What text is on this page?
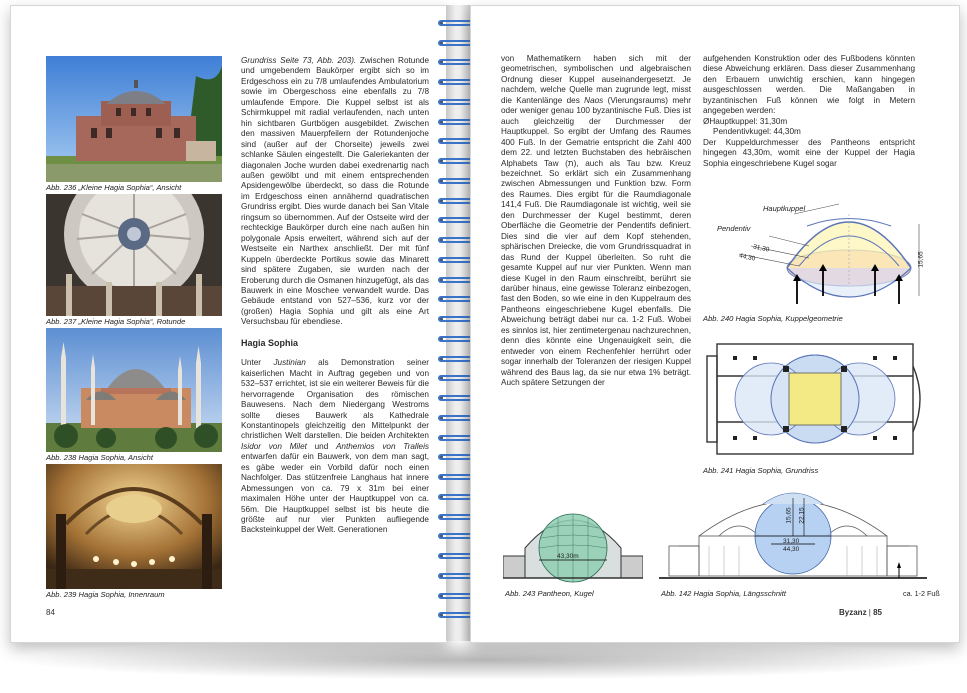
Abb. 236 „Kleine Hagia Sophia“, Ansicht
Abb. 237 „Kleine Hagia Sophia“, Rotunde
Abb. 238 Hagia Sophia, Ansicht
Abb. 239 Hagia Sophia, Innenraum

Grundriss Seite 73, Abb. 203). Zwischen Rotunde und umgebendem Baukörper ergibt sich so im Erdgeschoss ein zu 7/8 umlaufendes Ambulatorium sowie im Obergeschoss eine ebenfalls zu 7/8 umlaufende Empore. Die Kuppel selbst ist als Schirmkuppel mit radial verlaufenden, nach unten hin sichtbaren Gurtbögen ausgebildet. Zwischen den massiven Mauerpfeilern der Rotundenjoche sind (außer auf der Chorseite) jeweils zwei schlanke Säulen eingestellt. Die Galeriekanten der diagonalen Joche wurden dabei exedrenartig nach außen gewölbt und mit einem entsprechenden Apsidengewölbe überdeckt, so dass die Rotunde im Erdgeschoss einen annähernd quadratischen Grundriss ergibt. Dies wurde danach bei San Vitale ringsum so übernommen. Auf der Ostseite wird der rechteckige Baukörper durch eine nach außen hin polygonale Apsis erweitert, während sich auf der Westseite ein Narthex anschließt. Der mit fünf Kuppeln überdeckte Portikus sowie das Minarett sind spätere Zugaben, sie wurden nach der Eroberung durch die Osmanen hinzugefügt, als das Bauwerk in eine Moschee verwandelt wurde. Das Gebäude entstand von 527–536, kurz vor der (großen) Hagia Sophia und gilt als eine Art Versuchsbau für ebendiese.

Hagia Sophia

Unter Justinian als Demonstration seiner kaiserlichen Macht in Auftrag gegeben und von 532–537 errichtet, ist sie ein weiterer Beweis für die hervorragende Organisation des römischen Bauwesens. Nach dem Niedergang Westroms sollte dieses Bauwerk als Kathedrale Konstantinopels gleichzeitig den Mittelpunkt der christlichen Welt darstellen. Die beiden Architekten Isidor von Milet und Anthemios von Tralleis entwarfen dafür ein Bauwerk, von dem man sagt, es gäbe weder ein Vorbild dafür noch einen Nachfolger. Das stützenfreie Langhaus hat innere Abmessungen von ca. 79 x 31m bei einer maximalen Höhe unter der Hauptkuppel von ca. 56m. Die Hauptkuppel selbst ist bis heute die größte auf nur vier Punkten aufliegende Backsteinkuppel der Welt. Generationen

84

von Mathematikern haben sich mit der geometrischen, symbolischen und algebraischen Ordnung dieser Kuppel auseinandergesetzt. Je nachdem, welche Quelle man zugrunde legt, misst die Kantenlänge des Naos (Vierungsraums) mehr oder weniger genau 100 byzantinische Fuß. Dies ist auch gleichzeitig der Durchmesser der Hauptkuppel. So ergibt der Umfang des Raumes 400 Fuß. In der Gematrie entspricht die Zahl 400 dem 22. und letzten Buchstaben des hebräischen Alphabets Taw (ת), auch als Tau bzw. Kreuz bezeichnet. So erklärt sich ein Zusammenhang zwischen Abmessungen und Funktion bzw. Form des Raumes. Dies ergibt für die Raumdiagonale 141,4 Fuß. Die Raumdiagonale ist wichtig, weil sie den Durchmesser der Kugel bestimmt, deren Oberfläche die Geometrie der Pendentifs definiert. Dies sind die vier auf dem Kopf stehenden, sphärischen Dreiecke, die vom Grundrissquadrat in das Rund der Kuppel überleiten. So ruht die gesamte Kuppel auf nur vier Punkten. Wenn man diese Kugel in den Raum einschreibt, berührt sie darüber hinaus, eine gewisse Toleranz einbezogen, fast den Boden, so wie eine in den Kuppelraum des Pantheons eingeschriebene Kugel ebenfalls. Die Abweichung beträgt dabei nur ca. 1-2 Fuß. Wobei es sinnlos ist, hier zentimetergenau nachzurechnen, denn dies könnte eine Ungenauigkeit sein, die entweder von einem Rechenfehler herrührt oder sogar innerhalb der Toleranzen der riesigen Kuppel während des Baus lag, da sie nur etwa 1% beträgt. Auch spätere Setzungen der

aufgehenden Konstruktion oder des Fußbodens könnten diese Abweichung erklären. Dass dieser Zusammenhang den Erbauern unwichtig erschien, kann hingegen ausgeschlossen werden. Die Maßangaben in byzantinischen Fuß können wie folgt in Metern angegeben werden:

ØHauptkuppel: 31,30m

Pendentivkugel: 44,30m

Der Kuppeldurchmesser des Pantheons entspricht hingegen 43,30m, womit eine der Kuppel der Hagia Sophia eingeschriebene Kugel sogar

Hauptkuppel
Pendentiv
44,30
31,30
15,65
Abb. 240 Hagia Sophia, Kuppelgeometrie
Abb. 241 Hagia Sophia, Grundriss
43,30m
Abb. 243 Pantheon, Kugel
15,65 22,15
31,30
44,30
Abb. 142 Hagia Sophia, Längsschnitt	ca. 1-2 Fuß
Byzanz | 85
